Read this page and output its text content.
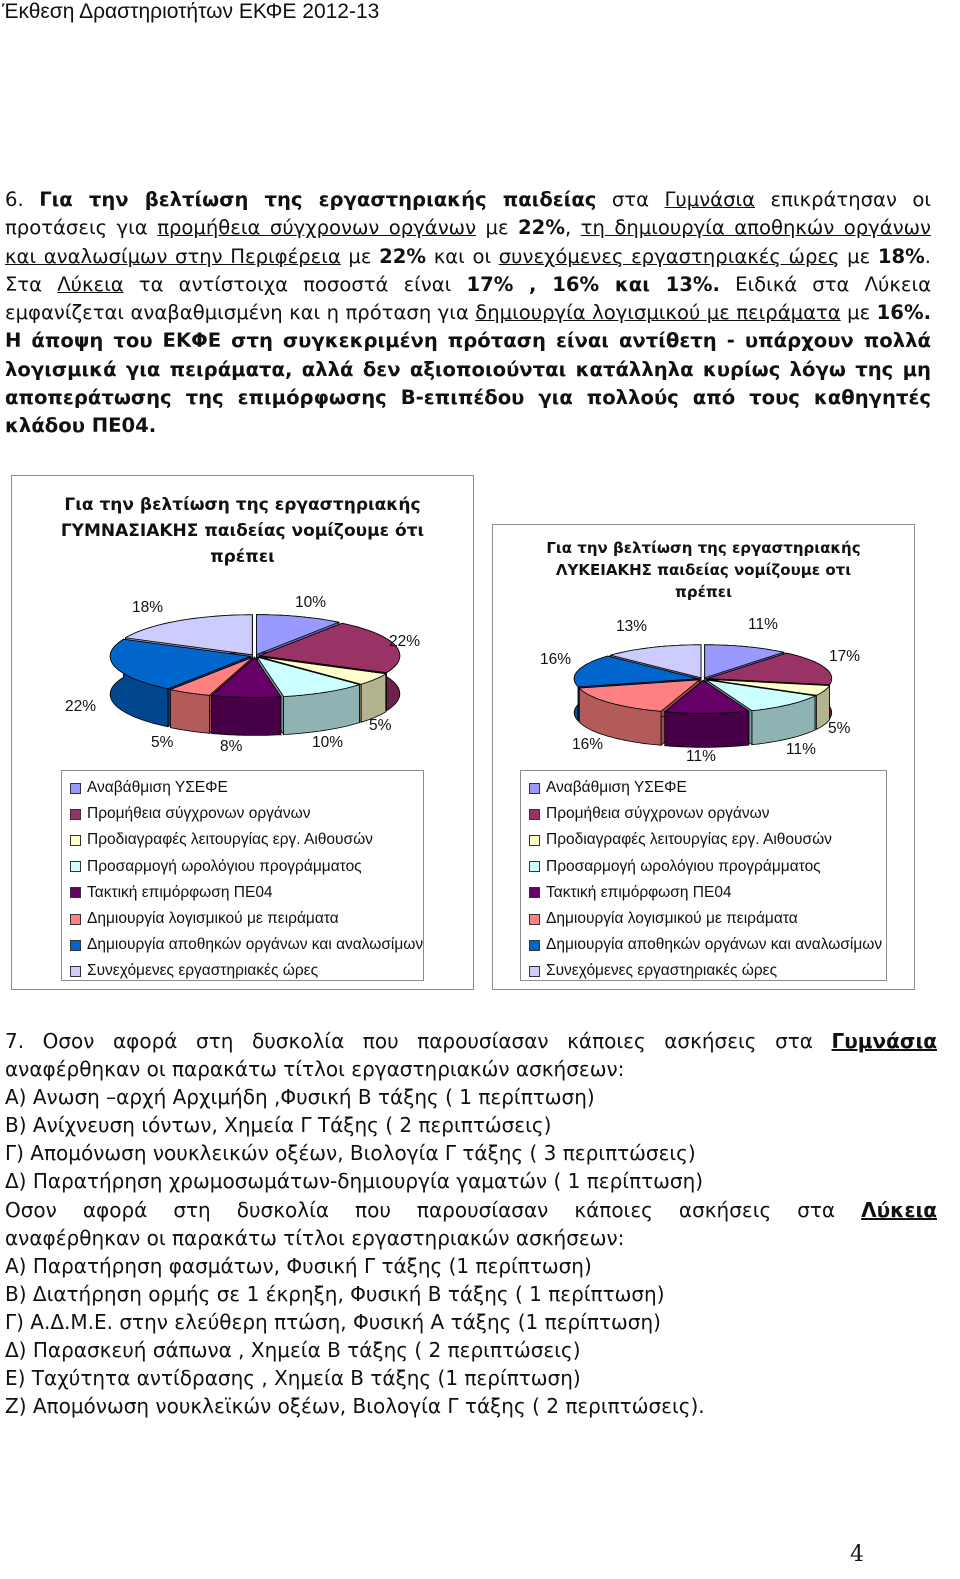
Έκθεση Δραστηριοτήτων ΕΚΦΕ 2012-13
6. Για την βελτίωση της εργαστηριακής παιδείας στα Γυμνάσια επικράτησαν οι προτάσεις για προμήθεια σύγχρονων οργάνων με 22%, τη δημιουργία αποθηκών οργάνων και αναλωσίμων στην Περιφέρεια με 22% και οι συνεχόμενες εργαστηριακές ώρες με 18%. Στα Λύκεια τα αντίστοιχα ποσοστά είναι 17% , 16% και 13%. Ειδικά στα Λύκεια εμφανίζεται αναβαθμισμένη και η πρόταση για δημιουργία λογισμικού με πειράματα με 16%. Η άποψη του ΕΚΦΕ στη συγκεκριμένη πρόταση είναι αντίθετη - υπάρχουν πολλά λογισμικά για πειράματα, αλλά δεν αξιοποιούνται κατάλληλα κυρίως λόγω της μη απoπεράτωσης της επιμόρφωσης Β-επιπέδου για πολλούς από τους καθηγητές κλάδου ΠΕ04.
Για την βελτίωση της εργαστηριακής ΓΥΜΝΑΣΙΑΚΗΣ παιδείας νομίζουμε ότι πρέπει
10%
22%
5%
10%
8%
5%
22%
18%
Αναβάθμιση ΥΣΕΦΕ
Προμήθεια σύγχρονων οργάνων
Προδιαγραφές λειτουργίας εργ. Αιθουσών
Προσαρμογή ωρολόγιου προγράμματος
Τακτική επιμόρφωση ΠΕ04
Δημιουργία λογισμικού με πειράματα
Δημιουργία αποθηκών οργάνων και αναλωσίμων
Συνεχόμενες εργαστηριακές ώρες
Για την βελτίωση της εργαστηριακής ΛΥΚΕΙΑΚΗΣ παιδείας νομίζουμε οτι πρέπει
11%
17%
5%
11%
11%
16%
16%
13%
Αναβάθμιση ΥΣΕΦΕ
Προμήθεια σύγχρονων οργάνων
Προδιαγραφές λειτουργίας εργ. Αιθουσών
Προσαρμογή ωρολόγιου προγράμματος
Τακτική επιμόρφωση ΠΕ04
Δημιουργία λογισμικού με πειράματα
Δημιουργία αποθηκών οργάνων και αναλωσίμων
Συνεχόμενες εργαστηριακές ώρες
7. Οσον αφορά στη δυσκολία που παρουσίασαν κάποιες ασκήσεις στα Γυμνάσια
αναφέρθηκαν οι παρακάτω τίτλοι εργαστηριακών ασκήσεων:
Α) Ανωση –αρχή Αρχιμήδη ,Φυσική Β τάξης ( 1 περίπτωση)
Β) Ανίχνευση ιόντων, Χημεία Γ Τάξης ( 2 περιπτώσεις)
Γ) Απομόνωση νουκλεικών οξέων, Βιολογία Γ τάξης ( 3 περιπτώσεις)
Δ) Παρατήρηση χρωμοσωμάτων-δημιουργία γαματών ( 1 περίπτωση)
Οσον αφορά στη δυσκολία που παρουσίασαν κάποιες ασκήσεις στα Λύκεια
αναφέρθηκαν οι παρακάτω τίτλοι εργαστηριακών ασκήσεων:
Α) Παρατήρηση φασμάτων, Φυσική Γ τάξης (1 περίπτωση)
Β) Διατήρηση ορμής σε 1 έκρηξη, Φυσική Β τάξης ( 1 περίπτωση)
Γ) Α.Δ.Μ.Ε. στην ελεύθερη πτώση, Φυσική Α τάξης (1 περίπτωση)
Δ) Παρασκευή σάπωνα , Χημεία Β τάξης ( 2 περιπτώσεις)
Ε) Ταχύτητα αντίδρασης , Χημεία Β τάξης (1 περίπτωση)
Ζ) Απομόνωση νουκλεϊκών οξέων, Βιολογία Γ τάξης ( 2 περιπτώσεις).
4
